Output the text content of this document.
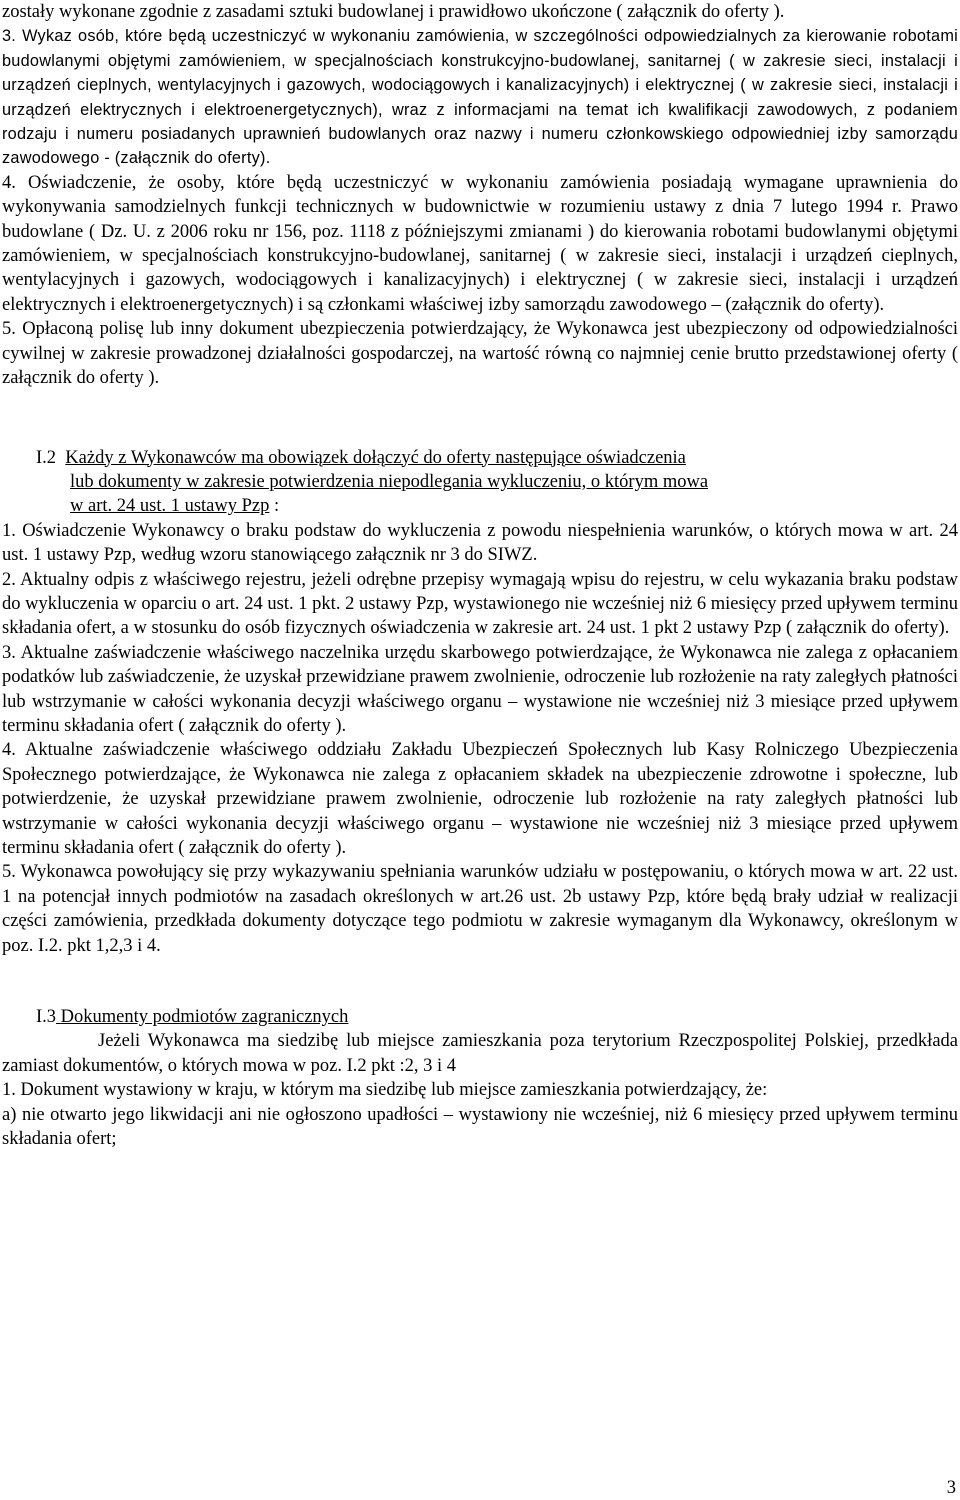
zostały wykonane zgodnie z zasadami sztuki budowlanej i prawidłowo ukończone ( załącznik do oferty ).

3. Wykaz osób, które będą uczestniczyć w wykonaniu zamówienia, w szczególności odpowiedzialnych za kierowanie robotami budowlanymi objętymi zamówieniem, w specjalnościach konstrukcyjno-budowlanej, sanitarnej ( w zakresie sieci, instalacji i urządzeń cieplnych, wentylacyjnych i gazowych, wodociągowych i kanalizacyjnych) i elektrycznej ( w zakresie sieci, instalacji i urządzeń elektrycznych i elektroenergetycznych), wraz z informacjami na temat ich kwalifikacji zawodowych, z podaniem rodzaju i numeru posiadanych uprawnień budowlanych oraz nazwy i numeru członkowskiego odpowiedniej izby samorządu zawodowego - (załącznik do oferty).

4. Oświadczenie, że osoby, które będą uczestniczyć w wykonaniu zamówienia posiadają wymagane uprawnienia do wykonywania samodzielnych funkcji technicznych w budownictwie w rozumieniu ustawy z dnia 7 lutego 1994 r. Prawo budowlane ( Dz. U. z 2006 roku nr 156, poz. 1118 z późniejszymi zmianami ) do kierowania robotami budowlanymi objętymi zamówieniem, w specjalnościach konstrukcyjno-budowlanej, sanitarnej ( w zakresie sieci, instalacji i urządzeń cieplnych, wentylacyjnych i gazowych, wodociągowych i kanalizacyjnych) i elektrycznej ( w zakresie sieci, instalacji i urządzeń elektrycznych i elektroenergetycznych) i są członkami właściwej izby samorządu zawodowego – (załącznik do oferty).

5. Opłaconą polisę lub inny dokument ubezpieczenia potwierdzający, że Wykonawca jest ubezpieczony od odpowiedzialności cywilnej w zakresie prowadzonej działalności gospodarczej, na wartość równą co najmniej cenie brutto przedstawionej oferty ( załącznik do oferty ).

I.2 Każdy z Wykonawców ma obowiązek dołączyć do oferty następujące oświadczenia

lub dokumenty w zakresie potwierdzenia niepodlegania wykluczeniu, o którym mowa

w art. 24 ust. 1 ustawy Pzp :

1. Oświadczenie Wykonawcy o braku podstaw do wykluczenia z powodu niespełnienia warunków, o których mowa w art. 24 ust. 1 ustawy Pzp, według wzoru stanowiącego załącznik nr 3 do SIWZ.

2. Aktualny odpis z właściwego rejestru, jeżeli odrębne przepisy wymagają wpisu do rejestru, w celu wykazania braku podstaw do wykluczenia w oparciu o art. 24 ust. 1 pkt. 2 ustawy Pzp, wystawionego nie wcześniej niż 6 miesięcy przed upływem terminu składania ofert, a w stosunku do osób fizycznych oświadczenia w zakresie art. 24 ust. 1 pkt 2 ustawy Pzp ( załącznik do oferty).

3. Aktualne zaświadczenie właściwego naczelnika urzędu skarbowego potwierdzające, że Wykonawca nie zalega z opłacaniem podatków lub zaświadczenie, że uzyskał przewidziane prawem zwolnienie, odroczenie lub rozłożenie na raty zaległych płatności lub wstrzymanie w całości wykonania decyzji właściwego organu – wystawione nie wcześniej niż 3 miesiące przed upływem terminu składania ofert ( załącznik do oferty ).

4. Aktualne zaświadczenie właściwego oddziału Zakładu Ubezpieczeń Społecznych lub Kasy Rolniczego Ubezpieczenia Społecznego potwierdzające, że Wykonawca nie zalega z opłacaniem składek na ubezpieczenie zdrowotne i społeczne, lub potwierdzenie, że uzyskał przewidziane prawem zwolnienie, odroczenie lub rozłożenie na raty zaległych płatności lub wstrzymanie w całości wykonania decyzji właściwego organu – wystawione nie wcześniej niż 3 miesiące przed upływem terminu składania ofert ( załącznik do oferty ).

5. Wykonawca powołujący się przy wykazywaniu spełniania warunków udziału w postępowaniu, o których mowa w art. 22 ust. 1 na potencjał innych podmiotów na zasadach określonych w art.26 ust. 2b ustawy Pzp, które będą brały udział w realizacji części zamówienia, przedkłada dokumenty dotyczące tego podmiotu w zakresie wymaganym dla Wykonawcy, określonym w poz. I.2. pkt 1,2,3 i 4.

I.3 Dokumenty podmiotów zagranicznych

Jeżeli Wykonawca ma siedzibę lub miejsce zamieszkania poza terytorium Rzeczpospolitej Polskiej, przedkłada zamiast dokumentów, o których mowa w poz. I.2 pkt :2, 3 i 4

1. Dokument wystawiony w kraju, w którym ma siedzibę lub miejsce zamieszkania potwierdzający, że:

a) nie otwarto jego likwidacji ani nie ogłoszono upadłości – wystawiony nie wcześniej, niż 6 miesięcy przed upływem terminu składania ofert;

3
